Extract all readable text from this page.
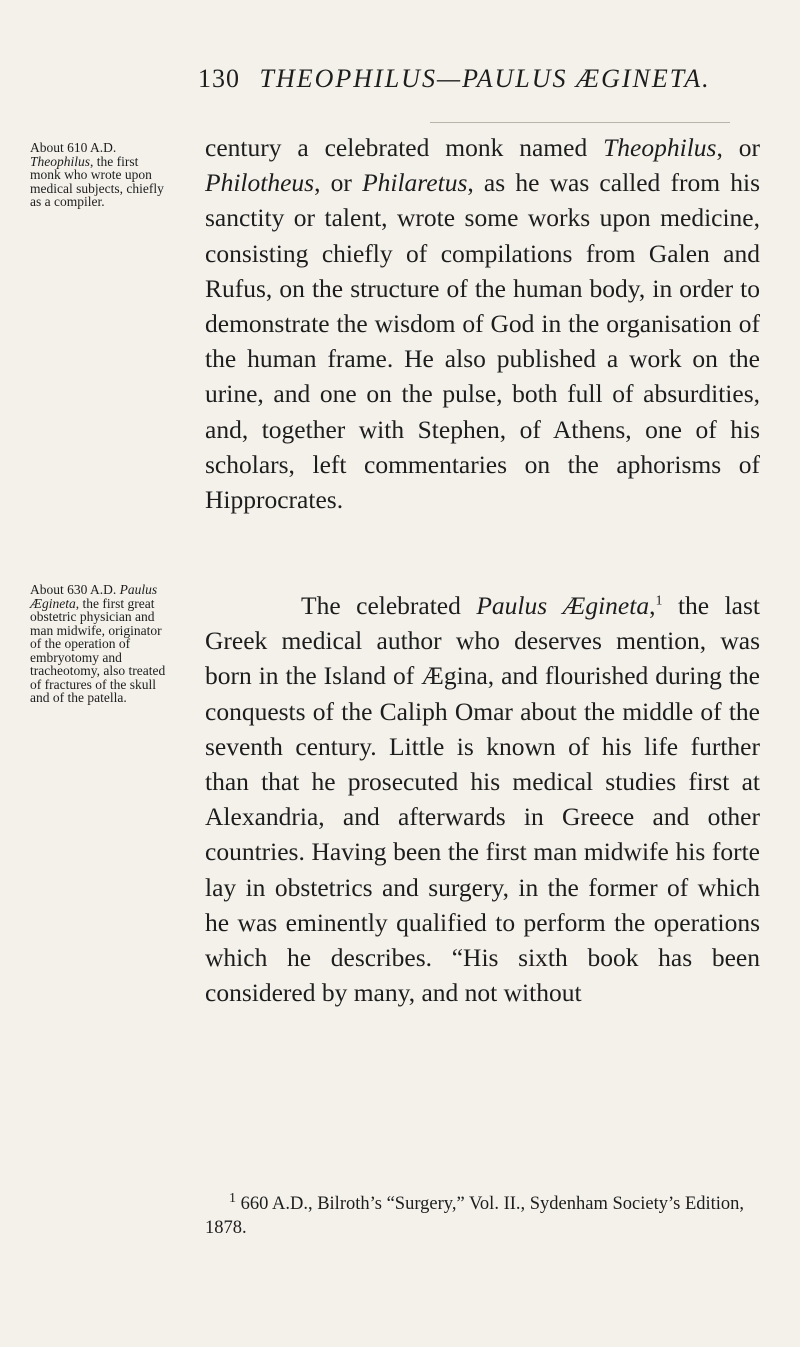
130 THEOPHILUS—PAULUS ÆGINETA.
About 610 A.D. Theophilus, the first monk who wrote upon medical subjects, chiefly as a compiler.
About 630 A.D. Paulus Ægineta, the first great obstetric physician and man midwife, originator of the operation of embryotomy and tracheotomy, also treated of fractures of the skull and of the patella.

century a celebrated monk named Theophilus, or Philotheus, or Philaretus, as he was called from his sanctity or talent, wrote some works upon medicine, consisting chiefly of compilations from Galen and Rufus, on the structure of the human body, in order to demonstrate the wisdom of God in the organisation of the human frame. He also published a work on the urine, and one on the pulse, both full of absurdities, and, together with Stephen, of Athens, one of his scholars, left commentaries on the aphorisms of Hipprocrates.

The celebrated Paulus Ægineta,$^1$ the last Greek medical author who deserves mention, was born in the Island of Ægina, and flourished during the conquests of the Caliph Omar about the middle of the seventh century. Little is known of his life further than that he prosecuted his medical studies first at Alexandria, and afterwards in Greece and other countries. Having been the first man midwife his forte lay in obstetrics and surgery, in the former of which he was eminently qualified to perform the operations which he describes. “His sixth book has been considered by many, and not without

$^1$ 660 A.D., Bilroth’s “Surgery,” Vol. II., Sydenham Society’s Edition, 1878.
